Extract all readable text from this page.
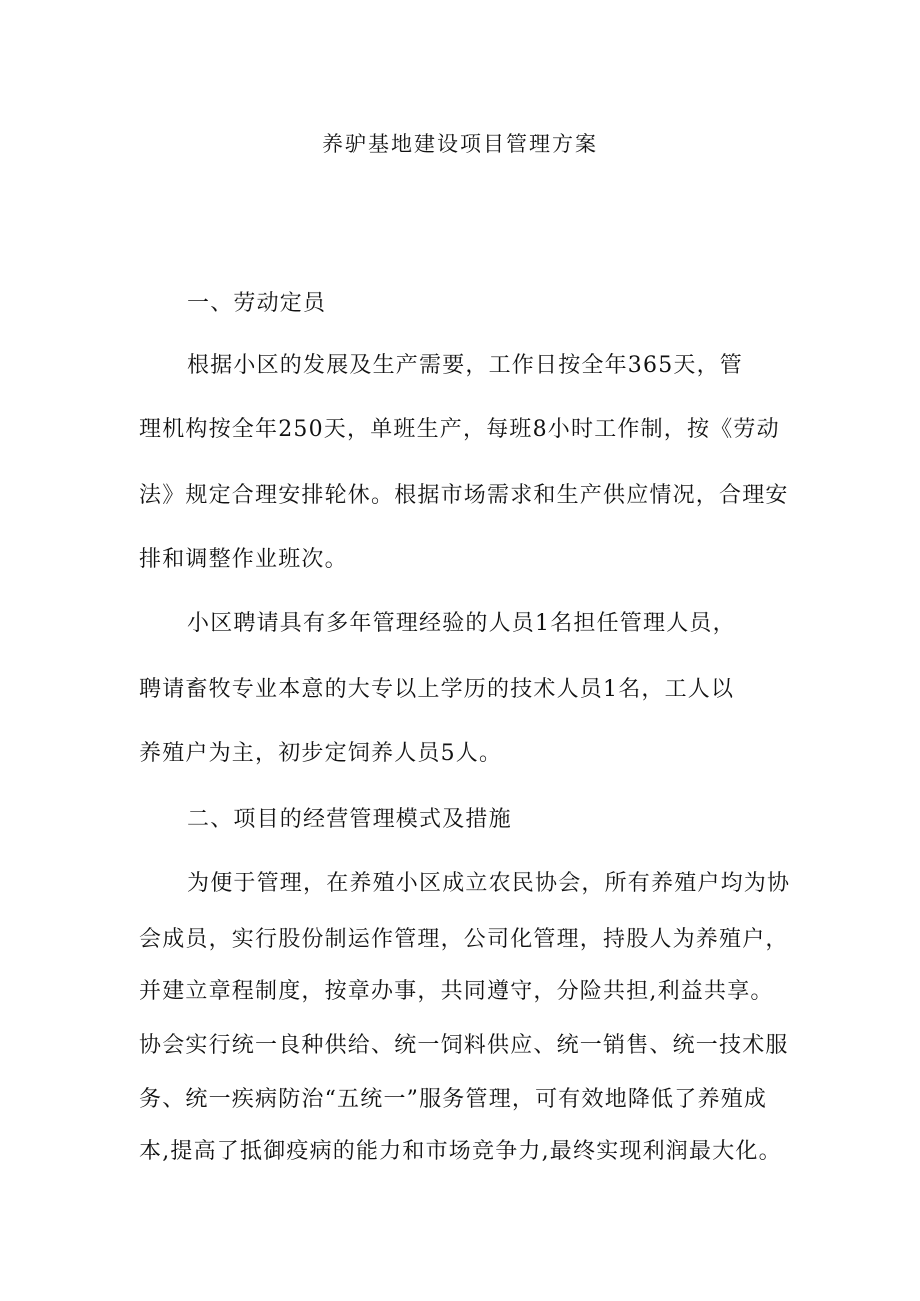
养驴基地建设项目管理方案
一、劳动定员
根据小区的发展及生产需要，工作日按全年365天，管
理机构按全年250天，单班生产，每班8小时工作制，按《劳动
法》规定合理安排轮休。根据市场需求和生产供应情况，合理安
排和调整作业班次。
小区聘请具有多年管理经验的人员1名担任管理人员，
聘请畜牧专业本意的大专以上学历的技术人员1名，工人以
养殖户为主，初步定饲养人员5人。
二、项目的经营管理模式及措施
为便于管理，在养殖小区成立农民协会，所有养殖户均为协
会成员，实行股份制运作管理，公司化管理，持股人为养殖户，
并建立章程制度，按章办事，共同遵守，分险共担,利益共享。
协会实行统一良种供给、统一饲料供应、统一销售、统一技术服
务、统一疾病防治“五统一”服务管理，可有效地降低了养殖成
本,提高了抵御疫病的能力和市场竞争力,最终实现利润最大化。
